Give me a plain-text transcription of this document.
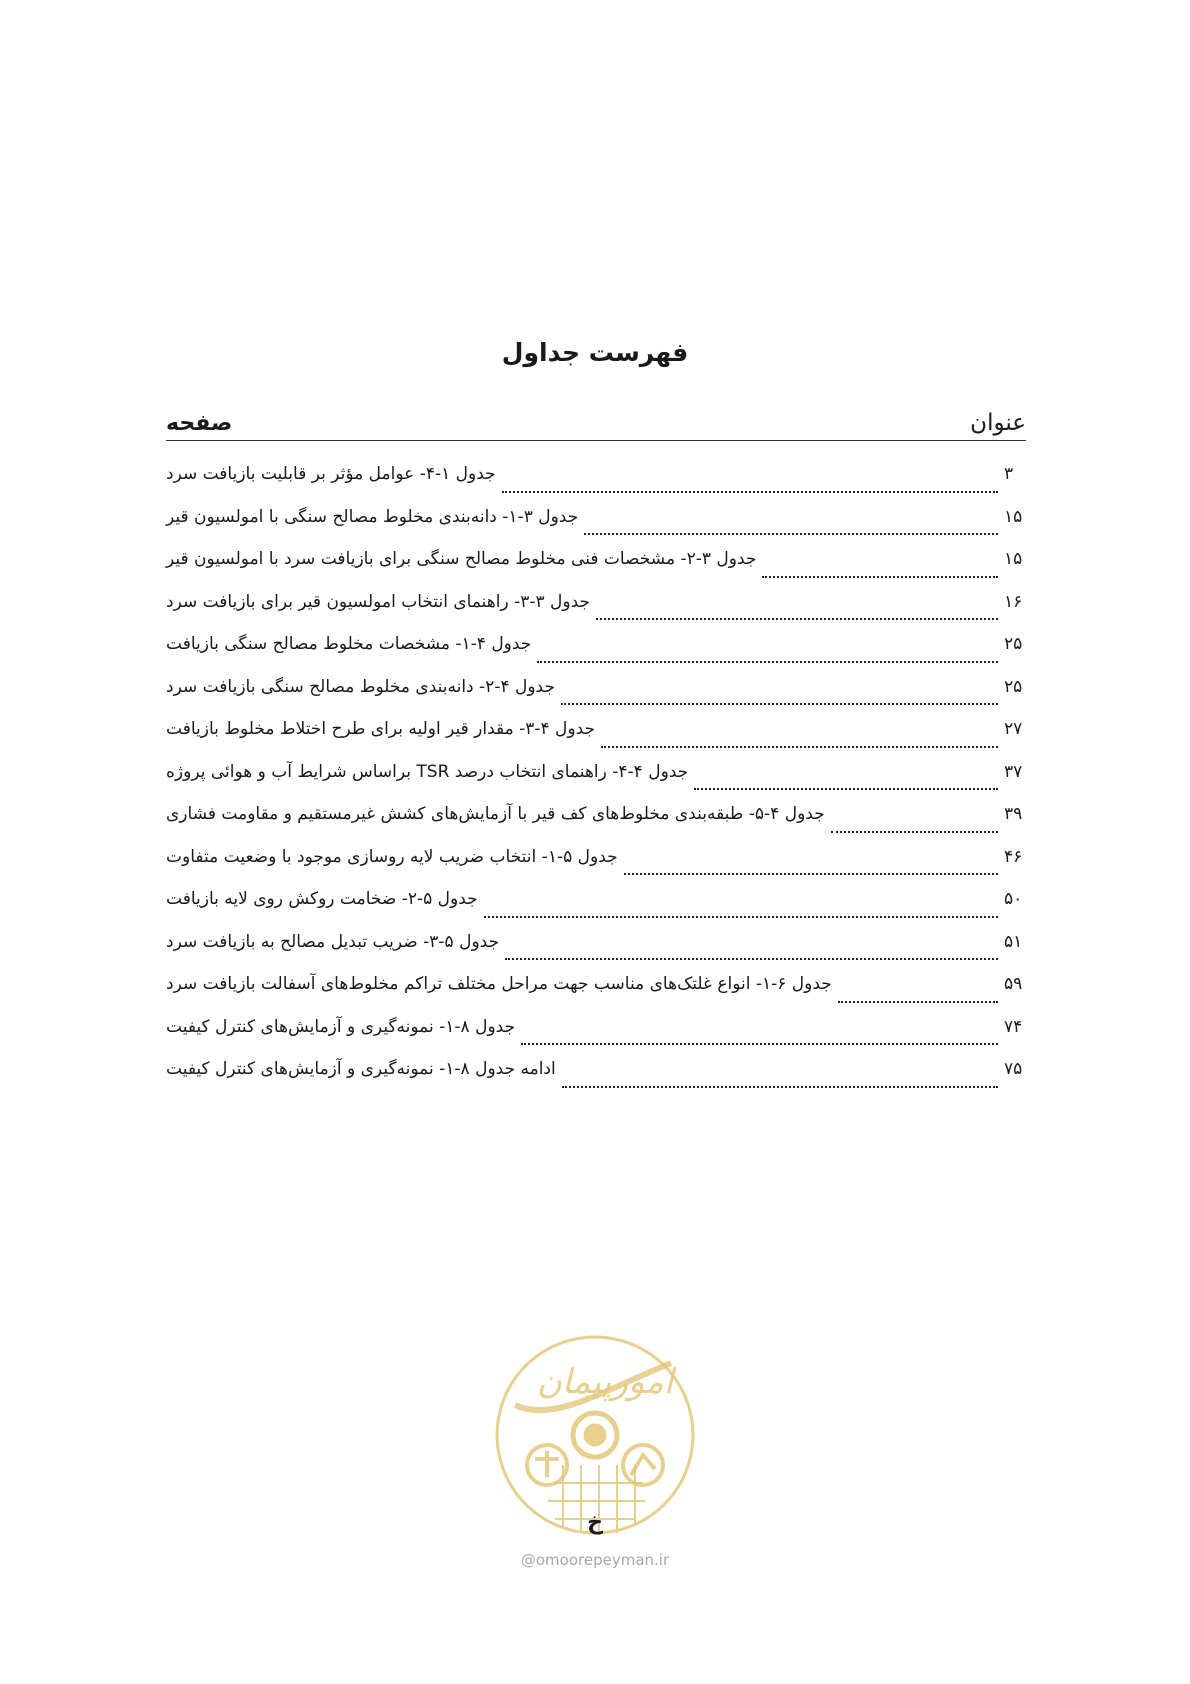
فهرست جداول
عنوان
صفحه
جدول ۱-۴- عوامل مؤثر بر قابلیت بازیافت سرد	۳
جدول ۳-۱- دانه‌بندی مخلوط مصالح سنگی با امولسیون قیر	۱۵
جدول ۳-۲- مشخصات فنی مخلوط مصالح سنگی برای بازیافت سرد با امولسیون قیر	۱۵
جدول ۳-۳- راهنمای انتخاب امولسیون قیر برای بازیافت سرد	۱۶
جدول ۴-۱- مشخصات مخلوط مصالح سنگی بازیافت	۲۵
جدول ۴-۲- دانه‌بندی مخلوط مصالح سنگی بازیافت سرد	۲۵
جدول ۴-۳- مقدار قیر اولیه برای طرح اختلاط مخلوط بازیافت	۲۷
جدول ۴-۴- راهنمای انتخاب درصد TSR براساس شرایط آب و هوائی پروژه	۳۷
جدول ۴-۵- طبقه‌بندی مخلوط‌های کف قیر با آزمایش‌های کشش غیرمستقیم و مقاومت فشاری	۳۹
جدول ۵-۱- انتخاب ضریب لایه روسازی موجود با وضعیت متفاوت	۴۶
جدول ۵-۲- ضخامت روکش روی لایه بازیافت	۵۰
جدول ۵-۳- ضریب تبدیل مصالح به بازیافت سرد	۵۱
جدول ۶-۱- انواع غلتک‌های مناسب جهت مراحل مختلف تراکم مخلوط‌های آسفالت بازیافت سرد	۵۹
جدول ۸-۱- نمونه‌گیری و آزمایش‌های کنترل کیفیت	۷۴
ادامه جدول ۸-۱- نمونه‌گیری و آزمایش‌های کنترل کیفیت	۷۵
امورپیمان
خ
@omoorepeyman.ir
